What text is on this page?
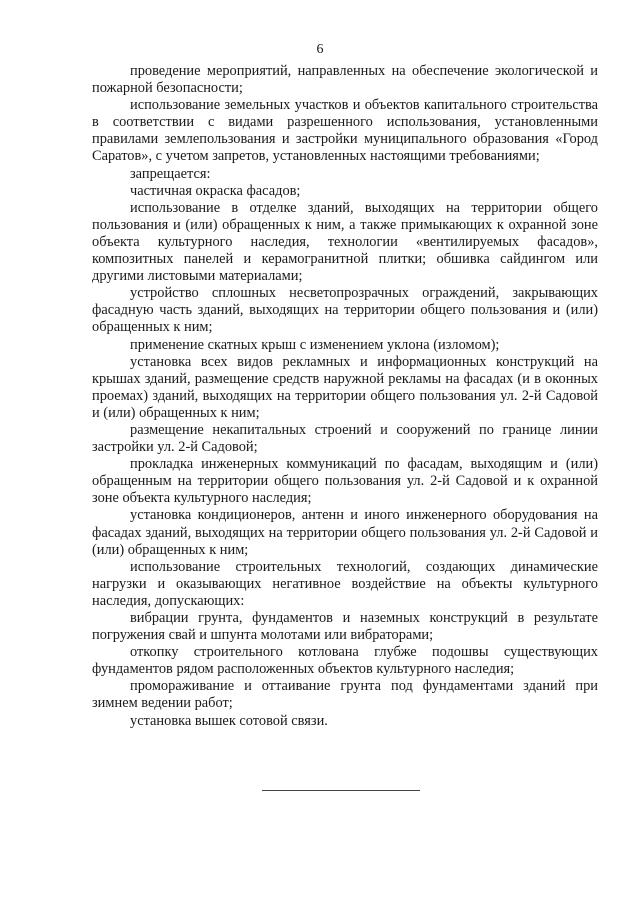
6

проведение мероприятий, направленных на обеспечение экологической и пожарной безопасности;

использование земельных участков и объектов капитального строительства в соответствии с видами разрешенного использования, установленными правилами землепользования и застройки муниципального образования «Город Саратов», с учетом запретов, установленных настоящими требованиями;

запрещается:

частичная окраска фасадов;

использование в отделке зданий, выходящих на территории общего пользования и (или) обращенных к ним, а также примыкающих к охранной зоне объекта культурного наследия, технологии «вентилируемых фасадов», композитных панелей и керамогранитной плитки; обшивка сайдингом или другими листовыми материалами;

устройство сплошных несветопрозрачных ограждений, закрывающих фасадную часть зданий, выходящих на территории общего пользования и (или) обращенных к ним;

применение скатных крыш с изменением уклона (изломом);

установка всех видов рекламных и информационных конструкций на крышах зданий, размещение средств наружной рекламы на фасадах (и в оконных проемах) зданий, выходящих на территории общего пользования ул. 2-й Садовой и (или) обращенных к ним;

размещение некапитальных строений и сооружений по границе линии застройки ул. 2-й Садовой;

прокладка инженерных коммуникаций по фасадам, выходящим и (или) обращенным на территории общего пользования ул. 2-й Садовой и к охранной зоне объекта культурного наследия;

установка кондиционеров, антенн и иного инженерного оборудования на фасадах зданий, выходящих на территории общего пользования ул. 2-й Садовой и (или) обращенных к ним;

использование строительных технологий, создающих динамические нагрузки и оказывающих негативное воздействие на объекты культурного наследия, допускающих:

вибрации грунта, фундаментов и наземных конструкций в результате погружения свай и шпунта молотами или вибраторами;

откопку строительного котлована глубже подошвы существующих фундаментов рядом расположенных объектов культурного наследия;

промораживание и оттаивание грунта под фундаментами зданий при зимнем ведении работ;

установка вышек сотовой связи.
